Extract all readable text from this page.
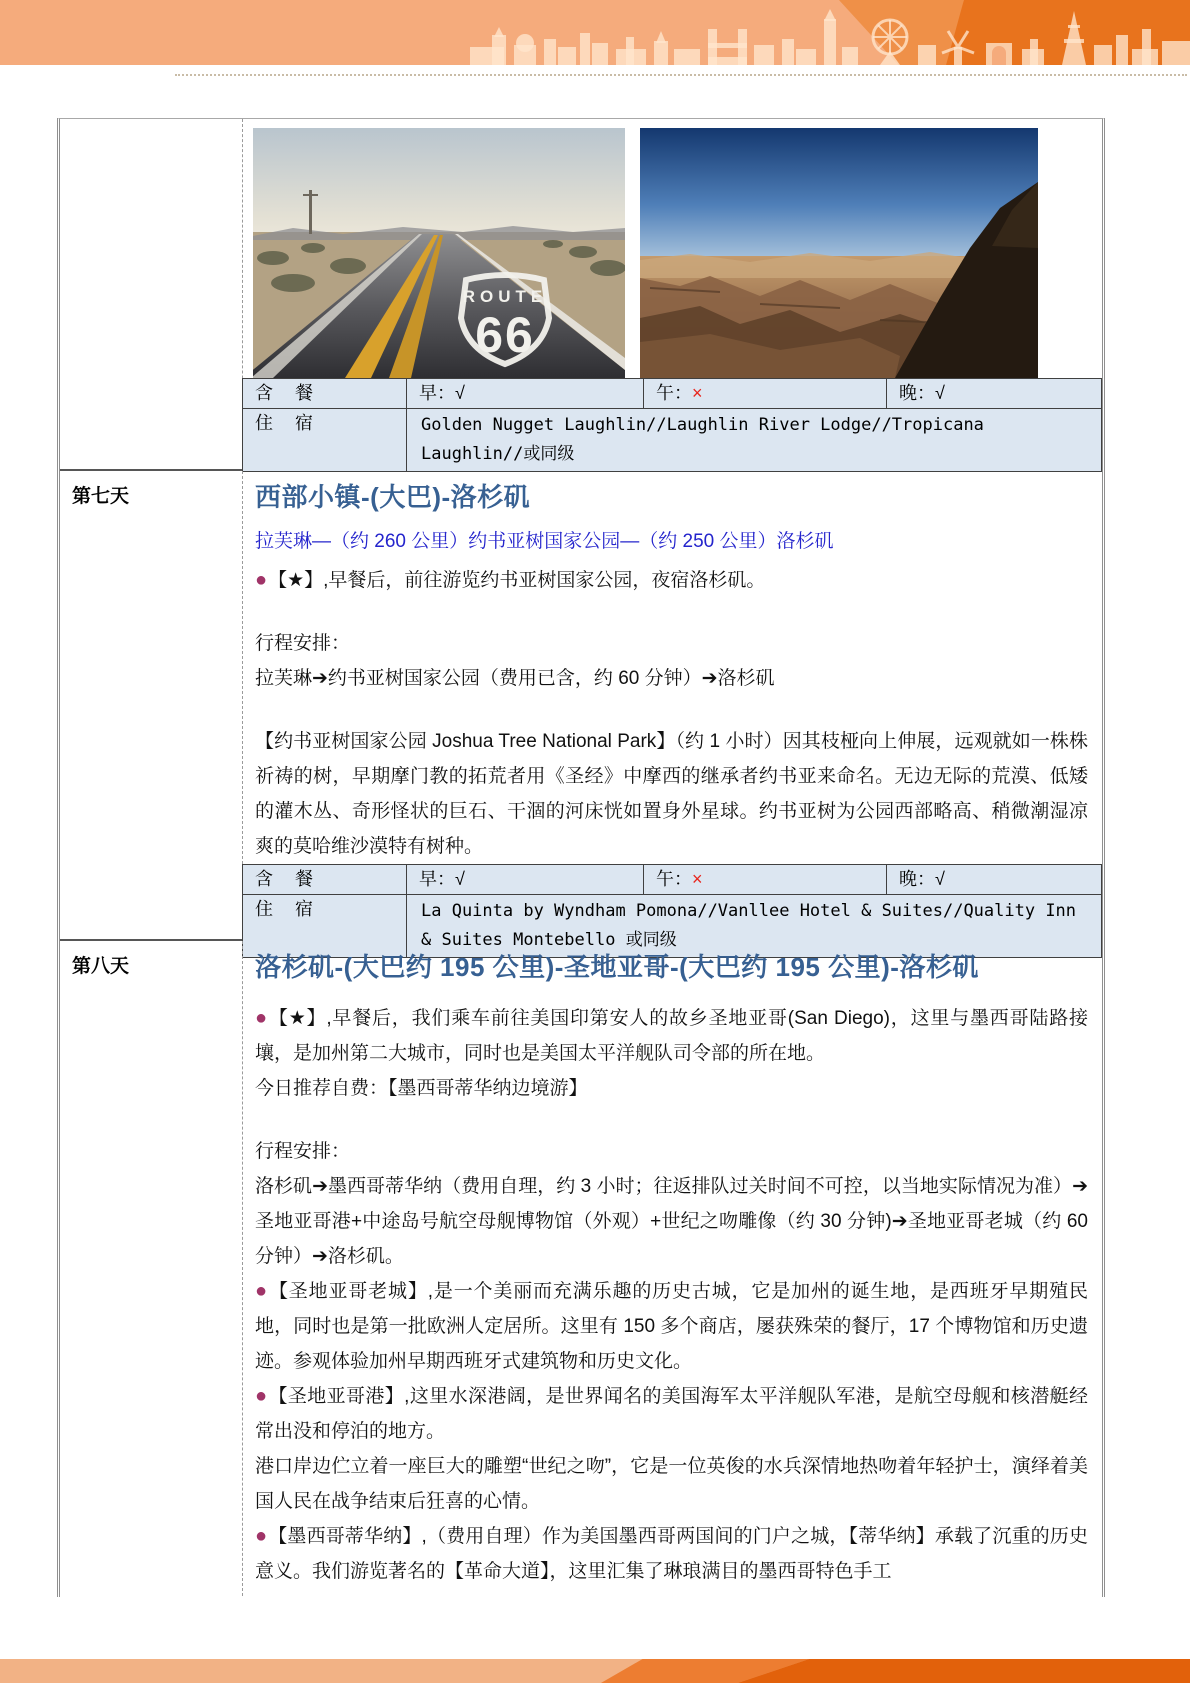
ROUTE
66
含　餐	早：√	午：×	晚：√
住　宿	Golden Nugget Laughlin//Laughlin River Lodge//Tropicana Laughlin//或同级
第七天	西部小镇-(大巴)-洛杉矶
拉芙琳—（约 260 公里）约书亚树国家公园—（约 250 公里）洛杉矶
●【★】,早餐后，前往游览约书亚树国家公园，夜宿洛杉矶。
行程安排：
拉芙琳➔约书亚树国家公园（费用已含，约 60 分钟）➔洛杉矶
【约书亚树国家公园 Joshua Tree National Park】（约 1 小时）因其枝桠向上伸展，远观就如一株株祈祷的树，早期摩门教的拓荒者用《圣经》中摩西的继承者约书亚来命名。无边无际的荒漠、低矮的灌木丛、奇形怪状的巨石、干涸的河床恍如置身外星球。约书亚树为公园西部略高、稍微潮湿凉爽的莫哈维沙漠特有树种。
含　餐	早：√	午：×	晚：√
住　宿	La Quinta by Wyndham Pomona//Vanllee Hotel & Suites//Quality Inn & Suites Montebello 或同级
第八天	洛杉矶-(大巴约 195 公里)-圣地亚哥-(大巴约 195 公里)-洛杉矶
●【★】,早餐后，我们乘车前往美国印第安人的故乡圣地亚哥(San Diego)，这里与墨西哥陆路接壤，是加州第二大城市，同时也是美国太平洋舰队司令部的所在地。
今日推荐自费：【墨西哥蒂华纳边境游】
行程安排：
洛杉矶➔墨西哥蒂华纳（费用自理，约 3 小时；往返排队过关时间不可控，以当地实际情况为准）➔圣地亚哥港+中途岛号航空母舰博物馆（外观）+世纪之吻雕像（约 30 分钟)➔圣地亚哥老城（约 60 分钟）➔洛杉矶。
●【圣地亚哥老城】,是一个美丽而充满乐趣的历史古城，它是加州的诞生地，是西班牙早期殖民地，同时也是第一批欧洲人定居所。这里有 150 多个商店，屡获殊荣的餐厅，17 个博物馆和历史遗迹。参观体验加州早期西班牙式建筑物和历史文化。
●【圣地亚哥港】,这里水深港阔，是世界闻名的美国海军太平洋舰队军港，是航空母舰和核潜艇经常出没和停泊的地方。
港口岸边伫立着一座巨大的雕塑“世纪之吻”，它是一位英俊的水兵深情地热吻着年轻护士，演绎着美国人民在战争结束后狂喜的心情。
●【墨西哥蒂华纳】,（费用自理）作为美国墨西哥两国间的门户之城，【蒂华纳】承载了沉重的历史意义。我们游览著名的【革命大道】，这里汇集了琳琅满目的墨西哥特色手工
